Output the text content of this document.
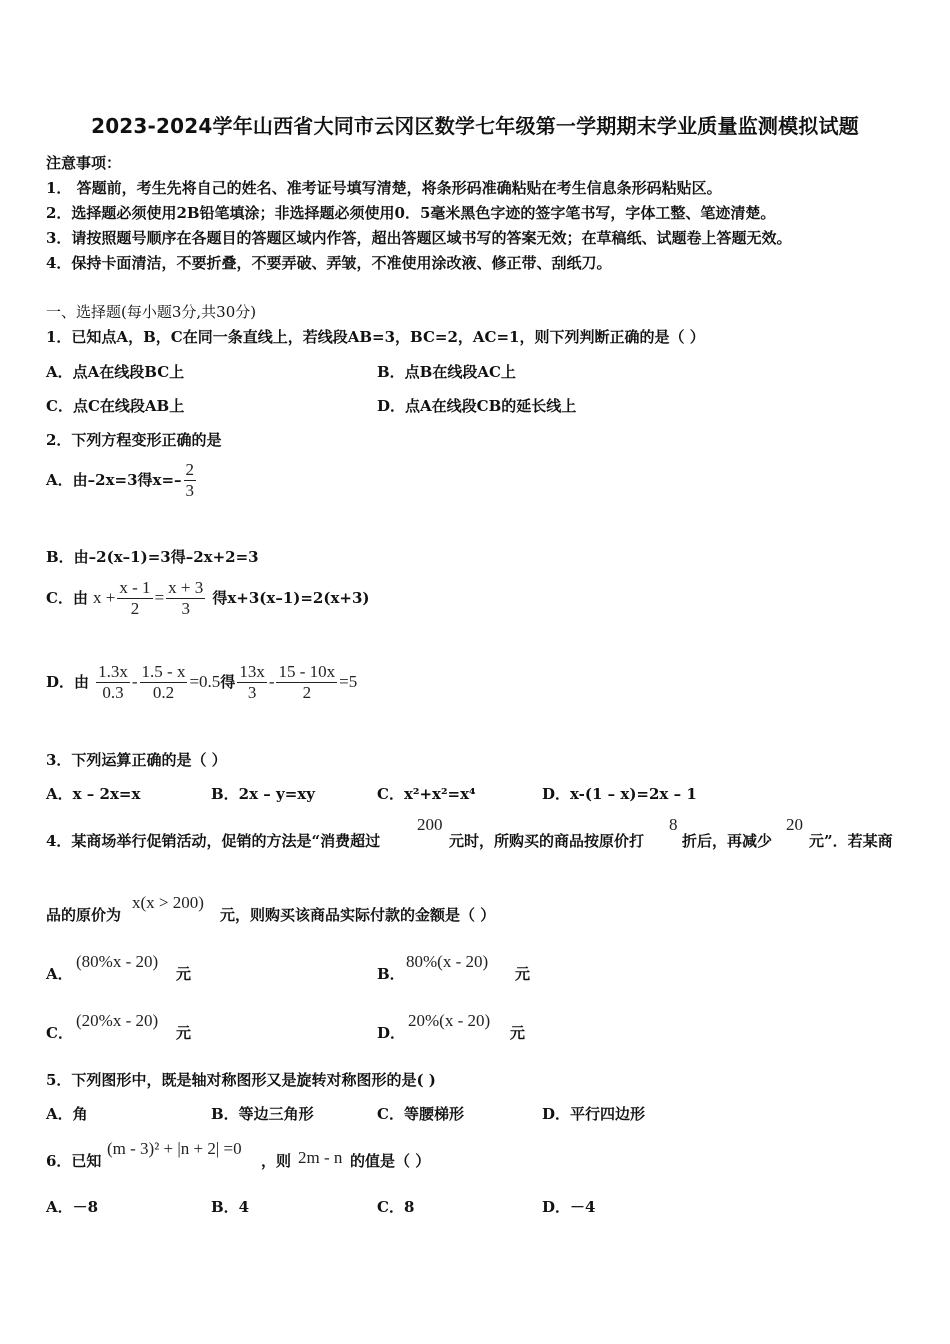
2023-2024学年山西省大同市云冈区数学七年级第一学期期末学业质量监测模拟试题
注意事项：
1． 答题前，考生先将自己的姓名、准考证号填写清楚，将条形码准确粘贴在考生信息条形码粘贴区。
2．选择题必须使用2B铅笔填涂；非选择题必须使用0．5毫米黑色字迹的签字笔书写，字体工整、笔迹清楚。
3．请按照题号顺序在各题目的答题区域内作答，超出答题区域书写的答案无效；在草稿纸、试题卷上答题无效。
4．保持卡面清洁，不要折叠，不要弄破、弄皱，不准使用涂改液、修正带、刮纸刀。
一、选择题(每小题3分,共30分)
1．已知点A，B，C在同一条直线上，若线段AB=3，BC=2，AC=1，则下列判断正确的是（ ）
A．点A在线段BC上	B．点B在线段AC上
C．点C在线段AB上	D．点A在线段CB的延长线上
2．下列方程变形正确的是
A．由–2x=3得$x=- \frac{2}{3}$
B．由–2(x–1)=3得–2x+2=3
C．由 $x + \frac{x - 1}{2} = \frac{x + 3}{3}$ 得x+3(x–1)=2(x+3)
D．由 $\frac{1.3x}{0.3} - \frac{1.5 - x}{0.2} =0.5$得 $\frac{13x}{3} - \frac{15 - 10x}{2} =5$
3．下列运算正确的是（ ）
A．x – 2x=x	B．2x – y=xy	C．x²+x²=x⁴	D．x-(1 – x)=2x – 1
4．某商场举行促销活动，促销的方法是“消费超过
200
元时，所购买的商品按原价打
8
折后，再减少
20
元”．若某商
品的原价为
x(x > 200)
元，则购买该商品实际付款的金额是（ ）
A．
(80%x - 20)
元	B．
80%(x - 20)
元
C．
(20%x - 20)
元	D．
20%(x - 20)
元
5．下列图形中，既是轴对称图形又是旋转对称图形的是( )
A．角	B．等边三角形	C．等腰梯形	D．平行四边形
6．已知
(m - 3)² + |n + 2| =0
，则 2m - n 的值是（ ）
A．－8	B．4	C．8	D．－4
